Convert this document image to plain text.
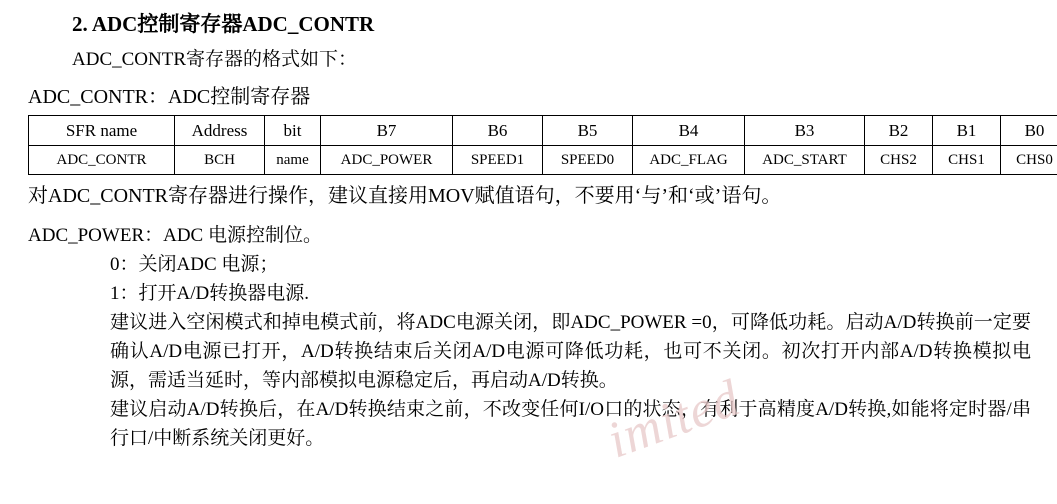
imited
2. ADC控制寄存器ADC_CONTR
ADC_CONTR寄存器的格式如下：
ADC_CONTR：ADC控制寄存器
SFR name	Address	bit	B7	B6	B5	B4	B3	B2	B1	B0
ADC_CONTR	BCH	name	ADC_POWER	SPEED1	SPEED0	ADC_FLAG	ADC_START	CHS2	CHS1	CHS0
对ADC_CONTR寄存器进行操作，建议直接用MOV赋值语句，不要用‘与’和‘或’语句。
ADC_POWER：ADC 电源控制位。
0：关闭ADC 电源；
1：打开A/D转换器电源.
建议进入空闲模式和掉电模式前，将ADC电源关闭，即ADC_POWER =0，可降低功耗。启动A/D转换前一定要确认A/D电源已打开，A/D转换结束后关闭A/D电源可降低功耗，也可不关闭。初次打开内部A/D转换模拟电源，需适当延时，等内部模拟电源稳定后，再启动A/D转换。
建议启动A/D转换后，在A/D转换结束之前，不改变任何I/O口的状态，有利于高精度A/D转换,如能将定时器/串行口/中断系统关闭更好。
